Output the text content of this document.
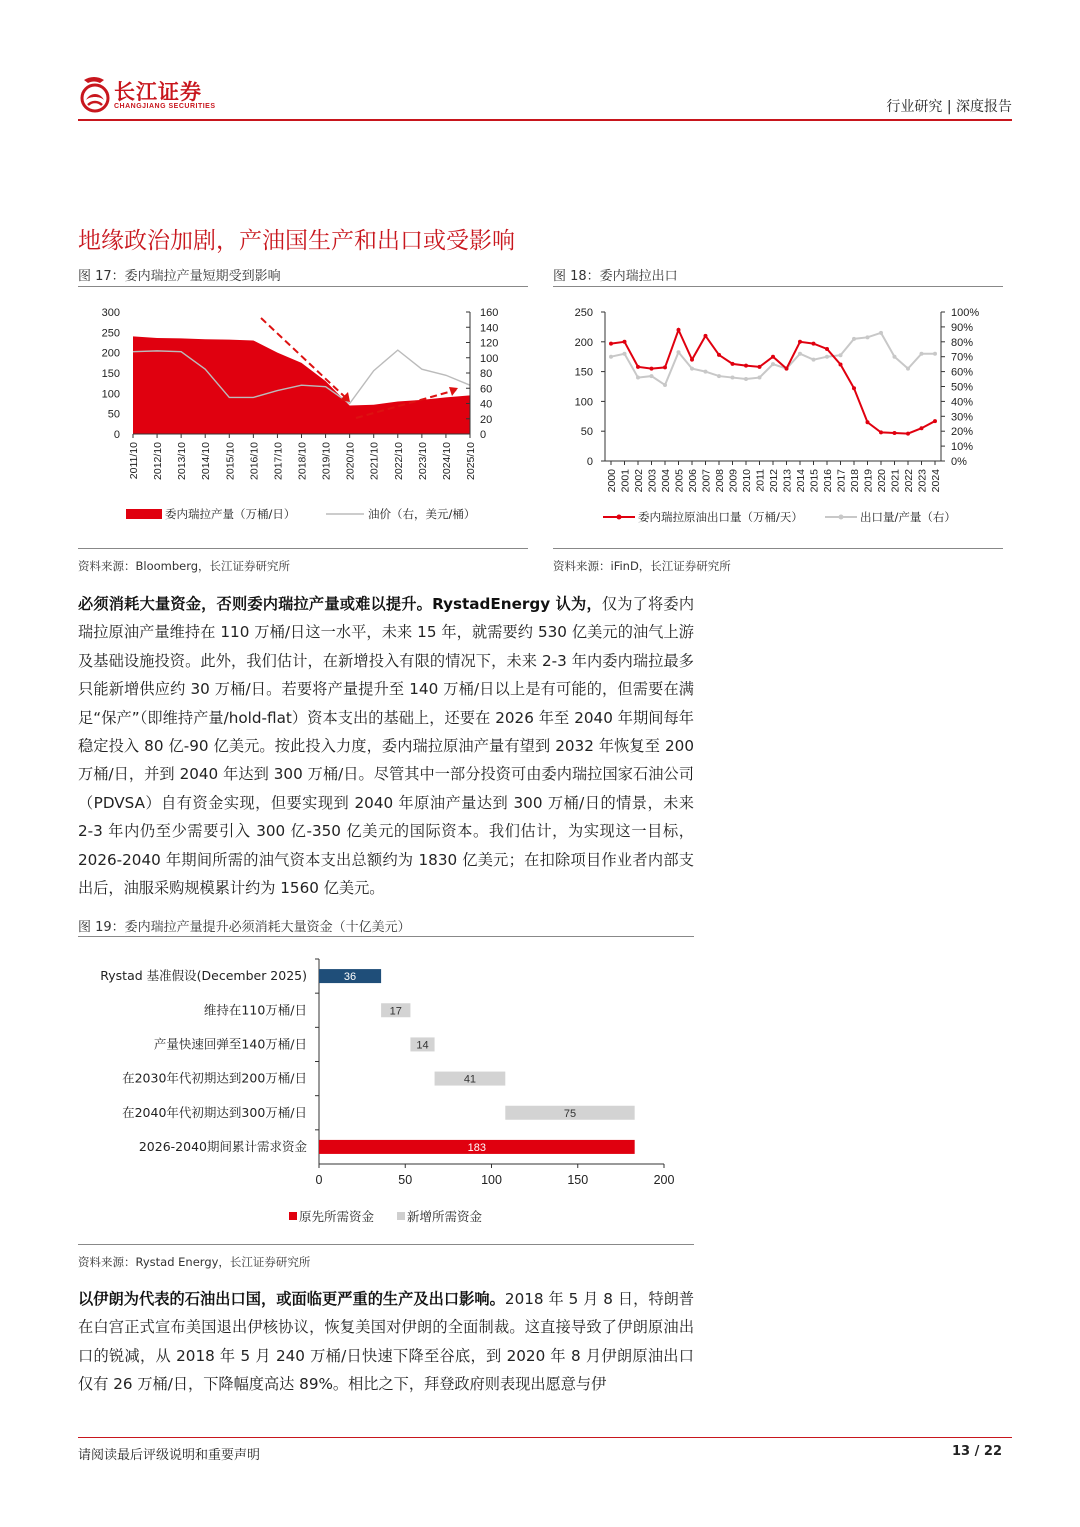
长江证券
CHANGJIANG SECURITIES	行业研究 | 深度报告
地缘政治加剧，产油国生产和出口或受影响
图 17：委内瑞拉产量短期受到影响
0
50
100
150
200
250
300
0
20
40
60
80
100
120
140
160
2011/10 2012/10 2013/10 2014/10 2015/10 2016/10 2017/10 2018/10 2019/10 2020/10 2021/10 2022/10 2023/10 2024/10 2025/10
委内瑞拉产量（万桶/日）	油价（右，美元/桶）
资料来源：Bloomberg，长江证券研究所
图 18：委内瑞拉出口
0
50
100
150
200
250
0%
10%
20%
30%
40%
50%
60%
70%
80%
90%
100%
2000 2001 2002 2003 2004 2005 2006 2007 2008 2009 2010 2011 2012 2013 2014 2015 2016 2017 2018 2019 2020 2021 2022 2023 2024
委内瑞拉原油出口量（万桶/天）	出口量/产量（右）
资料来源：iFinD，长江证券研究所
必须消耗大量资金，否则委内瑞拉产量或难以提升。RystadEnergy 认为，仅为了将委内瑞拉原油产量维持在 110 万桶/日这一水平，未来 15 年，就需要约 530 亿美元的油气上游及基础设施投资。此外，我们估计，在新增投入有限的情况下，未来 2-3 年内委内瑞拉最多只能新增供应约 30 万桶/日。若要将产量提升至 140 万桶/日以上是有可能的，但需要在满足“保产”（即维持产量/hold-flat）资本支出的基础上，还要在 2026 年至 2040 年期间每年稳定投入 80 亿-90 亿美元。按此投入力度，委内瑞拉原油产量有望到 2032 年恢复至 200 万桶/日，并到 2040 年达到 300 万桶/日。尽管其中一部分投资可由委内瑞拉国家石油公司（PDVSA）自有资金实现，但要实现到 2040 年原油产量达到 300 万桶/日的情景，未来 2-3 年内仍至少需要引入 300 亿-350 亿美元的国际资本。我们估计，为实现这一目标，2026-2040 年期间所需的油气资本支出总额约为 1830 亿美元；在扣除项目作业者内部支出后，油服采购规模累计约为 1560 亿美元。
图 19：委内瑞拉产量提升必须消耗大量资金（十亿美元）
Rystad 基准假设(December 2025)	36
维持在110万桶/日	17
产量快速回弹至140万桶/日	14
在2030年代初期达到200万桶/日	41
在2040年代初期达到300万桶/日	75
2026-2040期间累计需求资金	183
0	50	100	150	200
原先所需资金	新增所需资金
资料来源：Rystad Energy，长江证券研究所
以伊朗为代表的石油出口国，或面临更严重的生产及出口影响。2018 年 5 月 8 日，特朗普在白宫正式宣布美国退出伊核协议，恢复美国对伊朗的全面制裁。这直接导致了伊朗原油出口的锐减，从 2018 年 5 月 240 万桶/日快速下降至谷底，到 2020 年 8 月伊朗原油出口仅有 26 万桶/日，下降幅度高达 89%。相比之下，拜登政府则表现出愿意与伊
请阅读最后评级说明和重要声明	13 / 22
